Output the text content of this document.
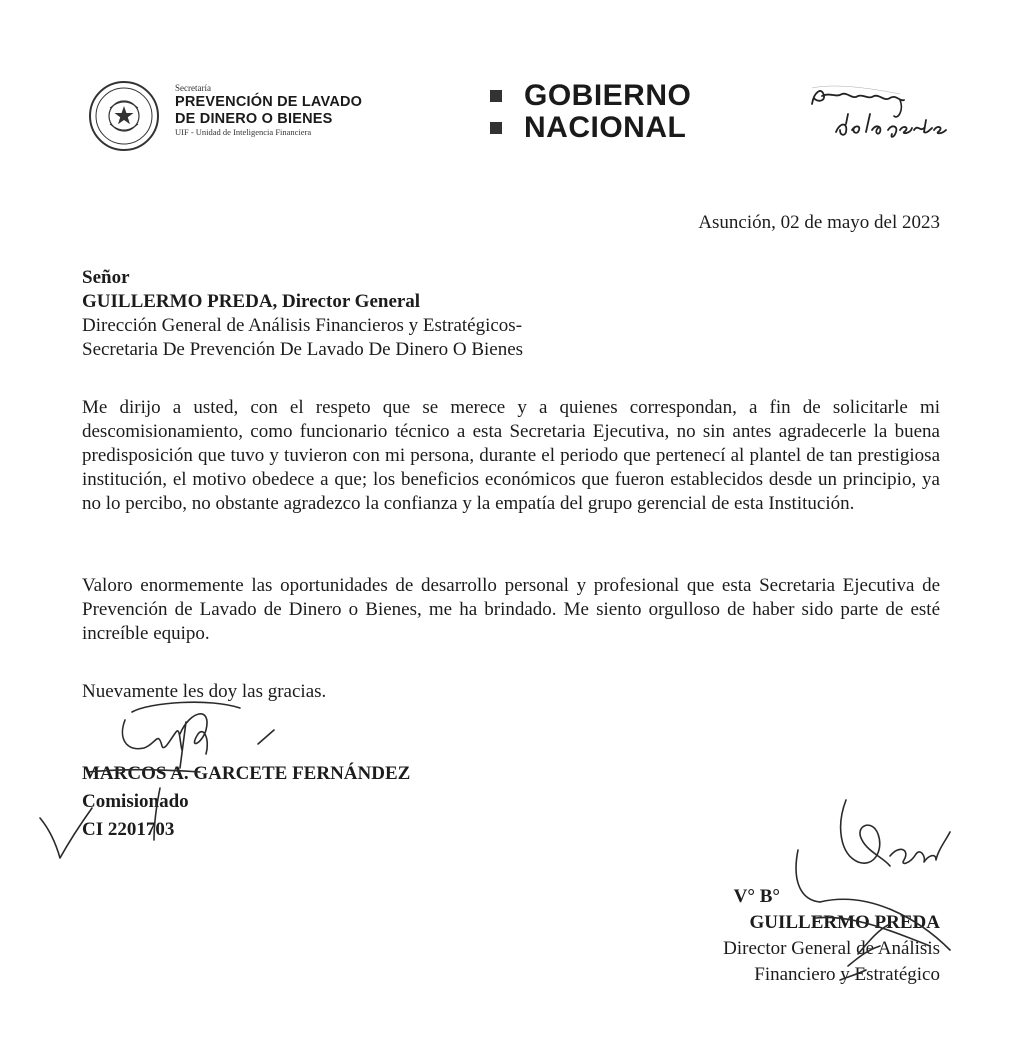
Secretaría
PREVENCIÓN DE LAVADO
DE DINERO O BIENES
UIF - Unidad de Inteligencia Financiera
GOBIERNO
NACIONAL
Asunción, 02 de mayo del 2023
Señor
GUILLERMO PREDA, Director General
Dirección General de Análisis Financieros y Estratégicos-
Secretaria De Prevención De Lavado De Dinero O Bienes
Me dirijo a usted, con el respeto que se merece y a quienes correspondan, a fin de solicitarle mi descomisionamiento, como funcionario técnico a esta Secretaria Ejecutiva, no sin antes agradecerle la buena predisposición que tuvo y tuvieron con mi persona, durante el periodo que pertenecí al plantel de tan prestigiosa institución, el motivo obedece a que; los beneficios económicos que fueron establecidos desde un principio, ya no lo percibo, no obstante agradezco la confianza y la empatía del grupo gerencial de esta Institución.
Valoro enormemente las oportunidades de desarrollo personal y profesional que esta Secretaria Ejecutiva de Prevención de Lavado de Dinero o Bienes, me ha brindado. Me siento orgulloso de haber sido parte de esté increíble equipo.
Nuevamente les doy las gracias.
MARCOS A. GARCETE FERNÁNDEZ
Comisionado
CI 2201703
V° B°
GUILLERMO PREDA
Director General de Análisis
Financiero y Estratégico
